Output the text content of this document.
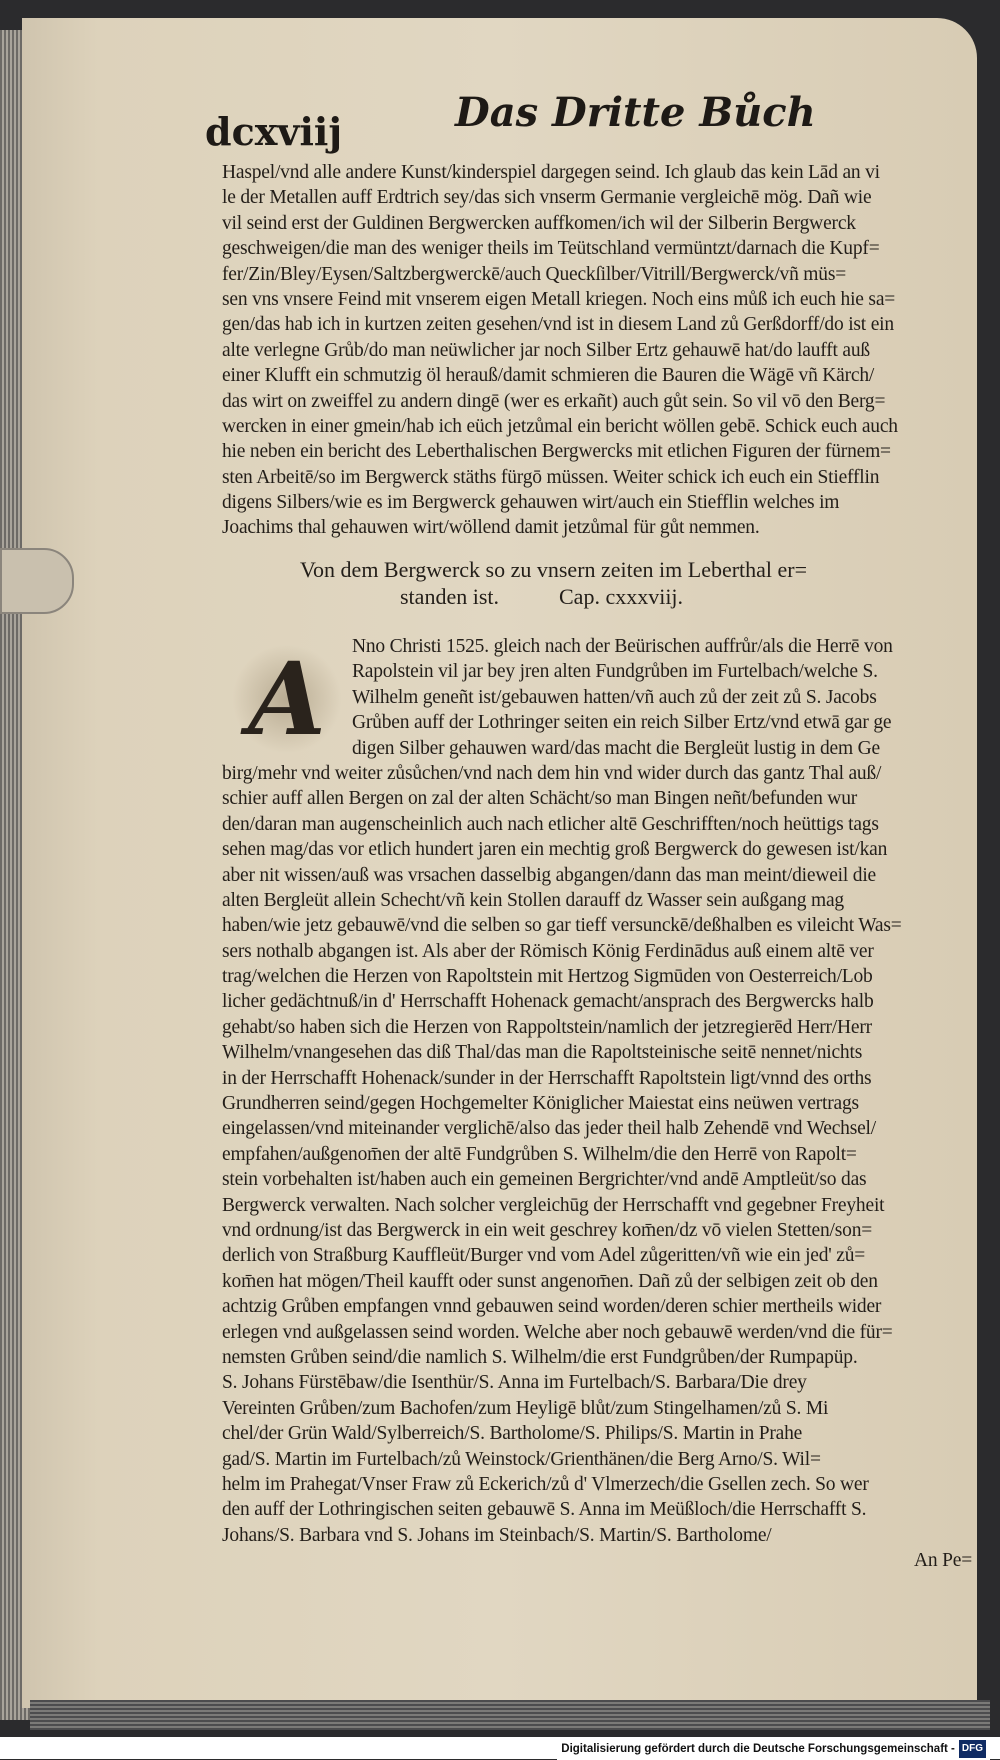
dcxviij	Das Dritte Bůch
Haspel/vnd alle andere Kunst/kinderspiel dargegen seind. Ich glaub das kein Lād an vi
le der Metallen auff Erdtrich sey/das sich vnserm Germanie vergleichē mög. Dañ wie
vil seind erst der Guldinen Bergwercken auffkomen/ich wil der Silberin Bergwerck
geschweigen/die man des weniger theils im Teütschland vermüntzt/darnach die Kupf=
fer/Zin/Bley/Eysen/Saltzbergwerckē/auch Queckſilber/Vitrill/Bergwerck/vñ müs=
sen vns vnsere Feind mit vnserem eigen Metall kriegen. Noch eins můß ich euch hie sa=
gen/das hab ich in kurtzen zeiten gesehen/vnd ist in diesem Land zů Gerßdorff/do ist ein
alte verlegne Grůb/do man neüwlicher jar noch Silber Ertz gehauwē hat/do laufft auß
einer Klufft ein schmutzig öl herauß/damit schmieren die Bauren die Wägē vñ Kärch/
das wirt on zweiffel zu andern dingē (wer es erkañt) auch gůt sein. So vil vō den Berg=
wercken in einer gmein/hab ich eüch jetzůmal ein bericht wöllen gebē. Schick euch auch
hie neben ein bericht des Leberthalischen Bergwercks mit etlichen Figuren der fürnem=
sten Arbeitē/so im Bergwerck stäths fürgō müssen. Weiter schick ich euch ein Stiefflin
digens Silbers/wie es im Bergwerck gehauwen wirt/auch ein Stiefflin welches im
Joachims thal gehauwen wirt/wöllend damit jetzůmal für gůt nemmen.
Von dem Bergwerck so zu vnsern zeiten im Leberthal er=
standen ist.	Cap. cxxxviij.
A	Nno Christi 1525. gleich nach der Beürischen auffrůr/als die Herrē von
Rapolstein vil jar bey jren alten Fundgrůben im Furtelbach/welche S.
Wilhelm geneñt ist/gebauwen hatten/vñ auch zů der zeit zů S. Jacobs
Grůben auff der Lothringer seiten ein reich Silber Ertz/vnd etwā gar ge
digen Silber gehauwen ward/das macht die Bergleüt lustig in dem Ge
birg/mehr vnd weiter zůsůchen/vnd nach dem hin vnd wider durch das gantz Thal auß/
schier auff allen Bergen on zal der alten Schächt/so man Bingen neñt/befunden wur
den/daran man augenscheinlich auch nach etlicher altē Geschrifften/noch heüttigs tags
sehen mag/das vor etlich hundert jaren ein mechtig groß Bergwerck do gewesen ist/kan
aber nit wissen/auß was vrsachen dasselbig abgangen/dann das man meint/dieweil die
alten Bergleüt allein Schecht/vñ kein Stollen darauff dz Wasser sein außgang mag
haben/wie jetz gebauwē/vnd die selben so gar tieff versunckē/deßhalben es vileicht Was=
sers nothalb abgangen ist. Als aber der Römisch König Ferdinādus auß einem altē ver
trag/welchen die Herzen von Rapoltstein mit Hertzog Sigmūden von Oesterreich/Lob
licher gedächtnuß/in d' Herrschafft Hohenack gemacht/ansprach des Bergwercks halb
gehabt/so haben sich die Herzen von Rappoltstein/namlich der jetzregierēd Herr/Herr
Wilhelm/vnangesehen das diß Thal/das man die Rapoltsteinische seitē nennet/nichts
in der Herrschafft Hohenack/sunder in der Herrschafft Rapoltstein ligt/vnnd des orths
Grundherren seind/gegen Hochgemelter Königlicher Maiestat eins neüwen vertrags
eingelassen/vnd miteinander verglichē/also das jeder theil halb Zehendē vnd Wechsel/
empfahen/außgenom̄en der altē Fundgrůben S. Wilhelm/die den Herrē von Rapolt=
stein vorbehalten ist/haben auch ein gemeinen Bergrichter/vnd andē Amptleüt/so das
Bergwerck verwalten. Nach solcher vergleichūg der Herrschafft vnd gegebner Freyheit
vnd ordnung/ist das Bergwerck in ein weit geschrey kom̄en/dz vō vielen Stetten/son=
derlich von Straßburg Kauffleüt/Burger vnd vom Adel zůgeritten/vñ wie ein jed' zů=
kom̄en hat mögen/Theil kaufft oder sunst angenom̄en. Dañ zů der selbigen zeit ob den
achtzig Grůben empfangen vnnd gebauwen seind worden/deren schier mertheils wider
erlegen vnd außgelassen seind worden. Welche aber noch gebauwē werden/vnd die für=
nemsten Grůben seind/die namlich S. Wilhelm/die erst Fundgrůben/der Rumpapüp.
S. Johans Fürstēbaw/die Isenthür/S. Anna im Furtelbach/S. Barbara/Die drey
Vereinten Grůben/zum Bachofen/zum Heyligē blůt/zum Stingelhamen/zů S. Mi
chel/der Grün Wald/Sylberreich/S. Bartholome/S. Philips/S. Martin in Prahe
gad/S. Martin im Furtelbach/zů Weinstock/Grienthänen/die Berg Arno/S. Wil=
helm im Prahegat/Vnser Fraw zů Eckerich/zů d' Vlmerzech/die Gsellen zech. So wer
den auff der Lothringischen seiten gebauwē S. Anna im Meüßloch/die Herrschafft S.
Johans/S. Barbara vnd S. Johans im Steinbach/S. Martin/S. Bartholome/
An Pe=
Digitalisierung gefördert durch die Deutsche Forschungsgemeinschaft - DFG
